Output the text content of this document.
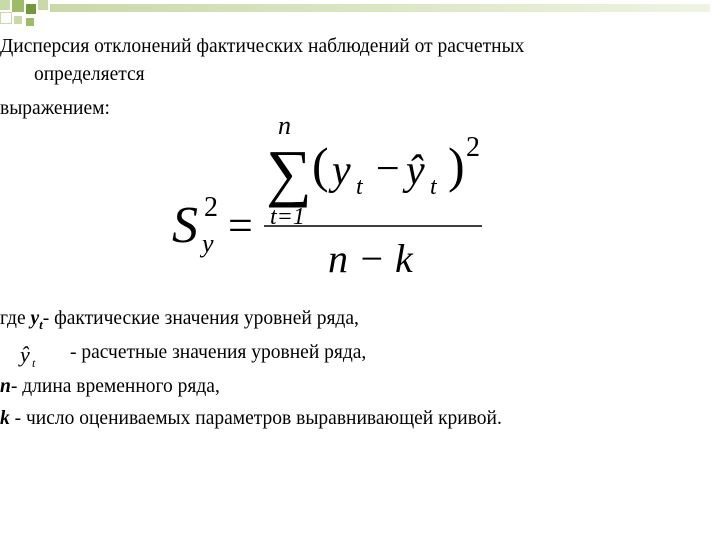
Дисперсия отклонений фактических наблюдений от расчетных
определяется
выражением:
S 2
y =
n
∑
t=1
( y t − ŷ t ) 2
n − k
где $y_t-$ фактические значения уровней ряда,
ŷ t - расчетные значения уровней ряда,
n- длина временного ряда,
k - число оцениваемых параметров выравнивающей кривой.
